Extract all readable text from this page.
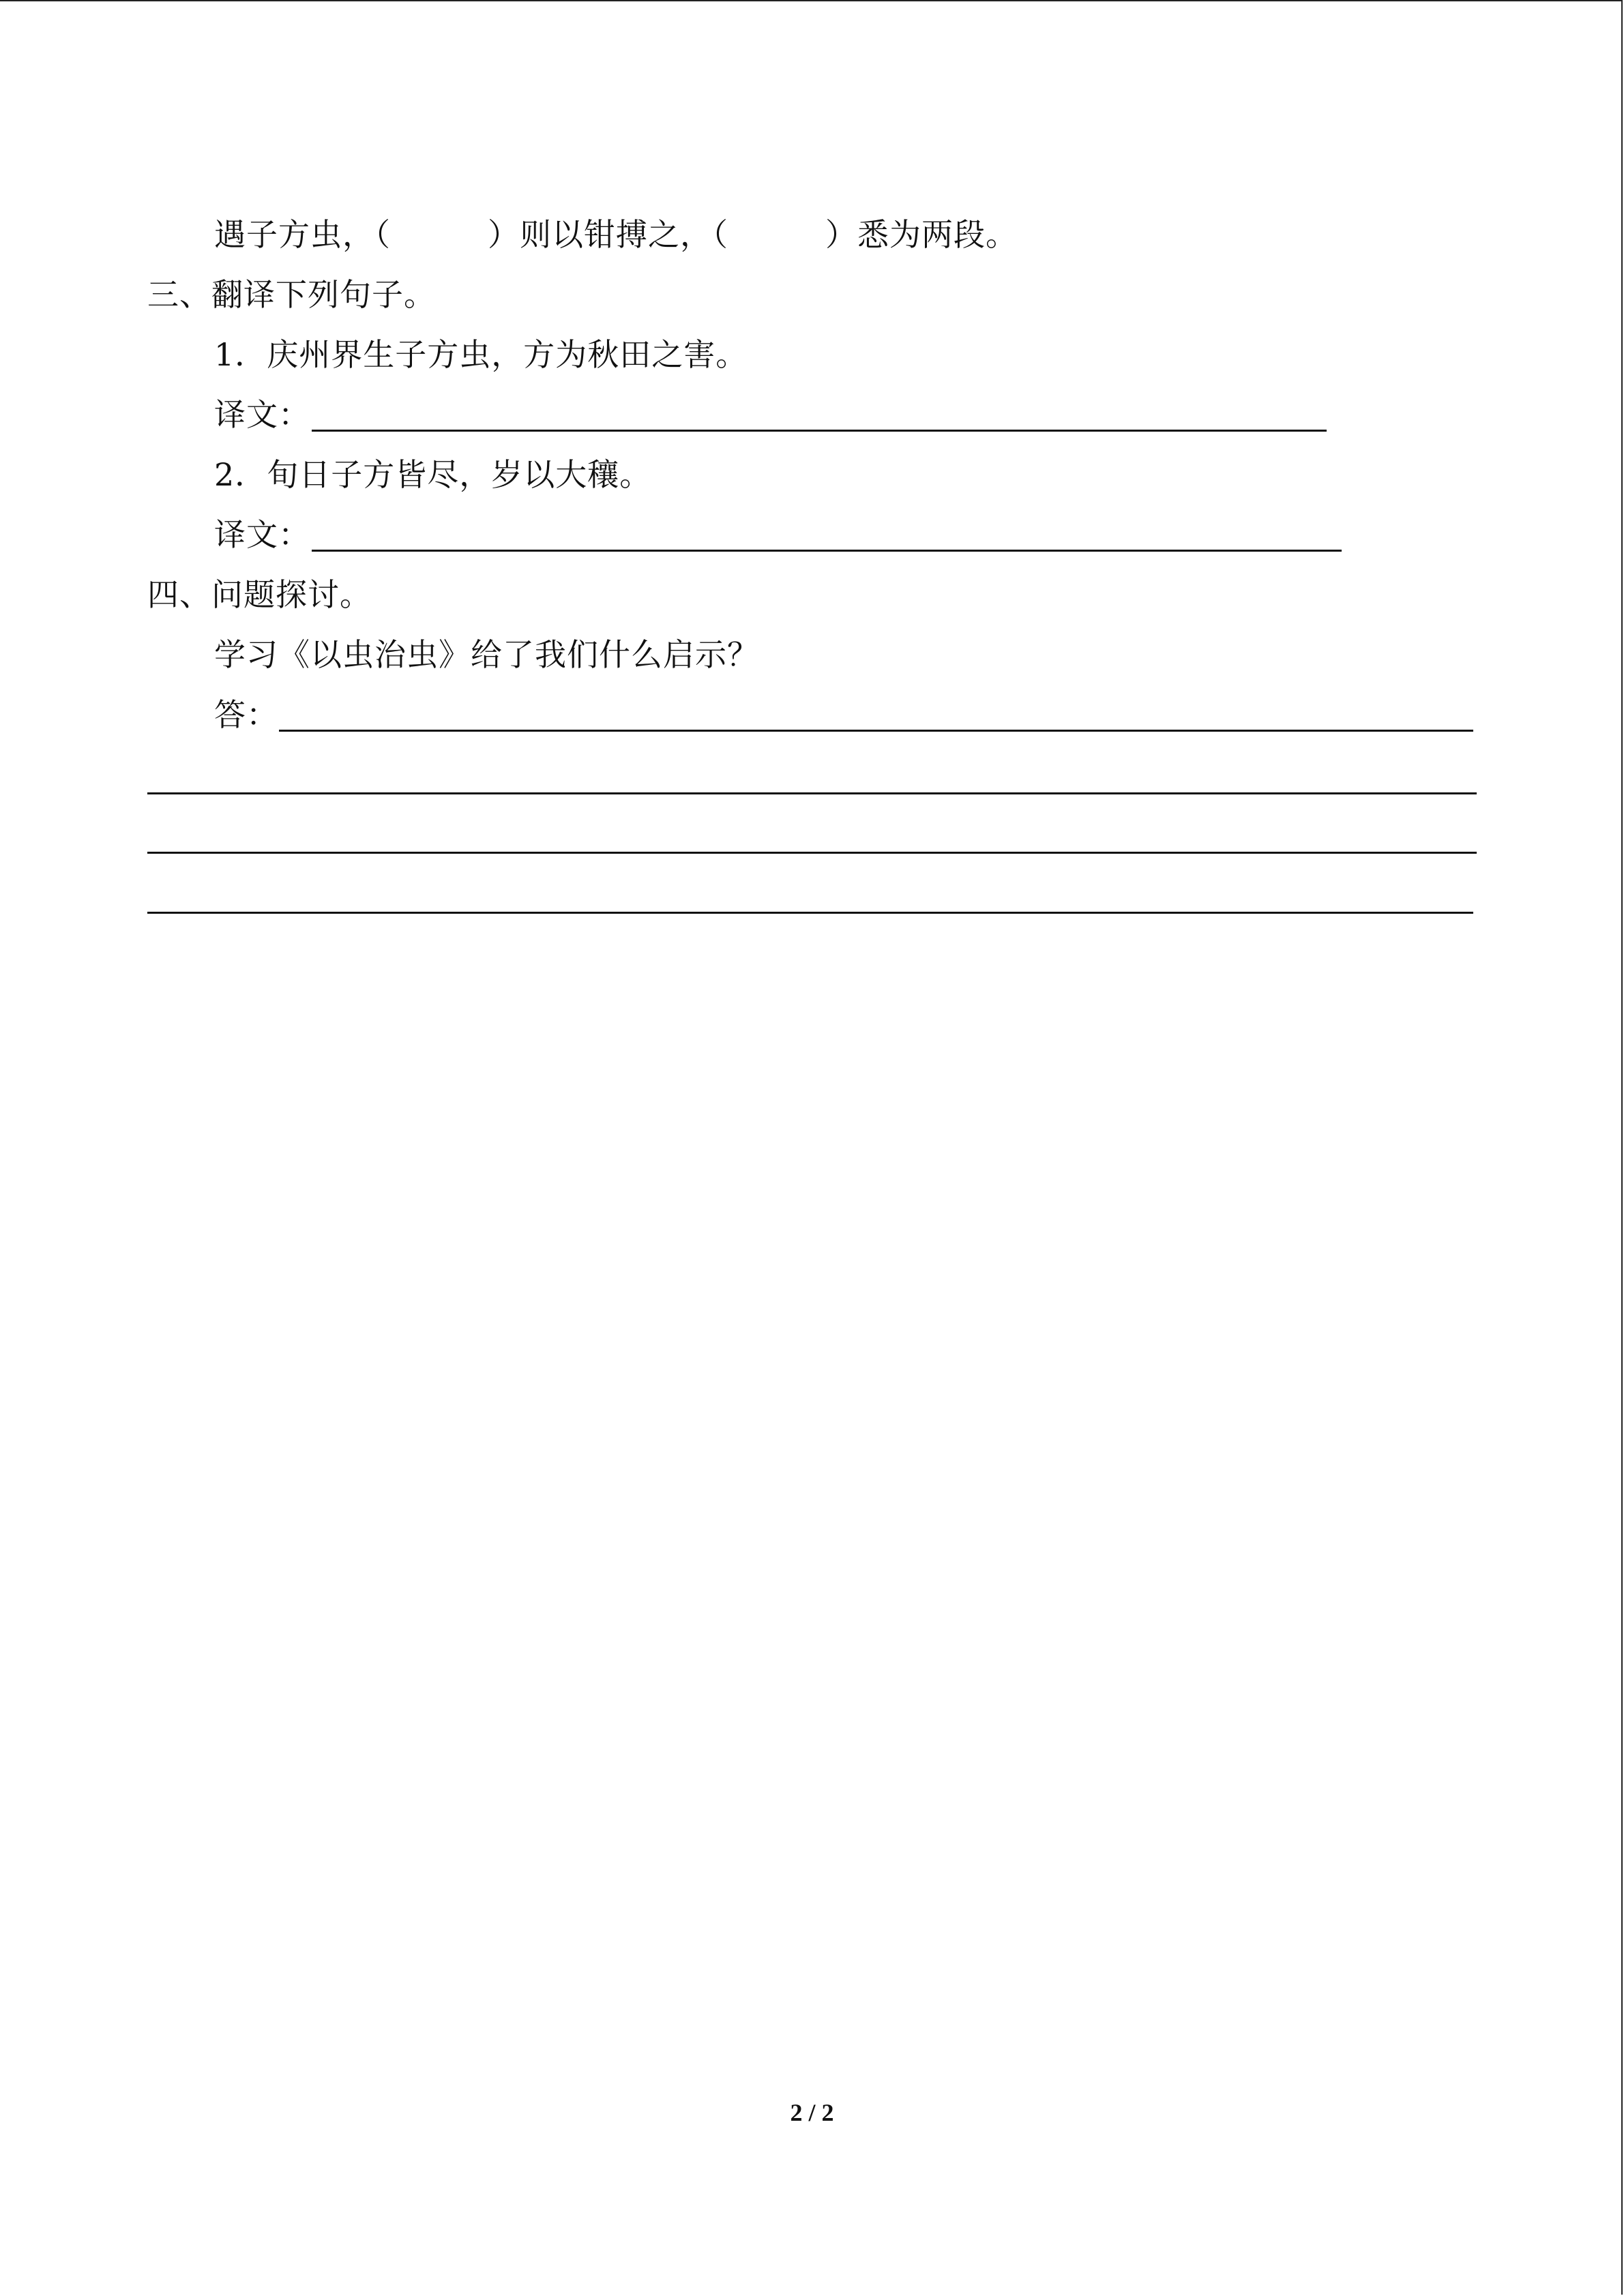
遇子方虫，（	）则以钳搏之，（	）悉为两段。
三、翻译下列句子。
1．庆州界生子方虫，方为秋田之害。
译文：
2．旬日子方皆尽，岁以大穰。
译文：
四、问题探讨。
学习《以虫治虫》给了我们什么启示？
答：
2 / 2
